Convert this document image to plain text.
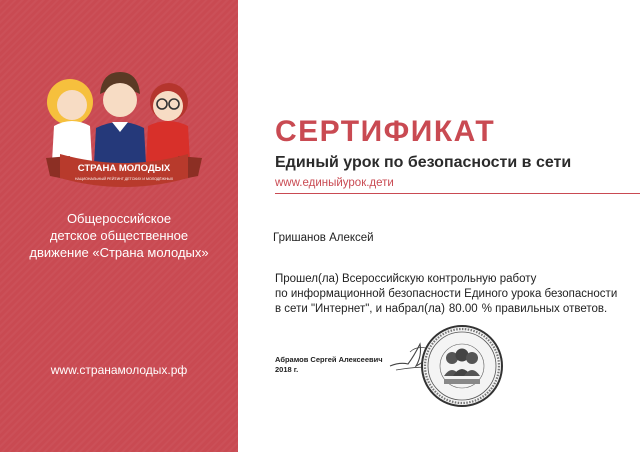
СТРАНА МОЛОДЫХ
НАЦИОНАЛЬНЫЙ РЕЙТИНГ ДЕТСКИХ И МОЛОДЁЖНЫХ
Общероссийское
детское общественное
движение «Страна молодых»
www.странамолодых.рф
СЕРТИФИКАТ
Единый урок по безопасности в сети
www.единыйурок.дети
Гришанов Алексей
Прошел(ла) Всероссийскую контрольную работу
по информационной безопасности Единого урока безопасности
в сети "Интернет", и набрал(ла) 80.00 % правильных ответов.
Абрамов Сергей Алексеевич
2018 г.
